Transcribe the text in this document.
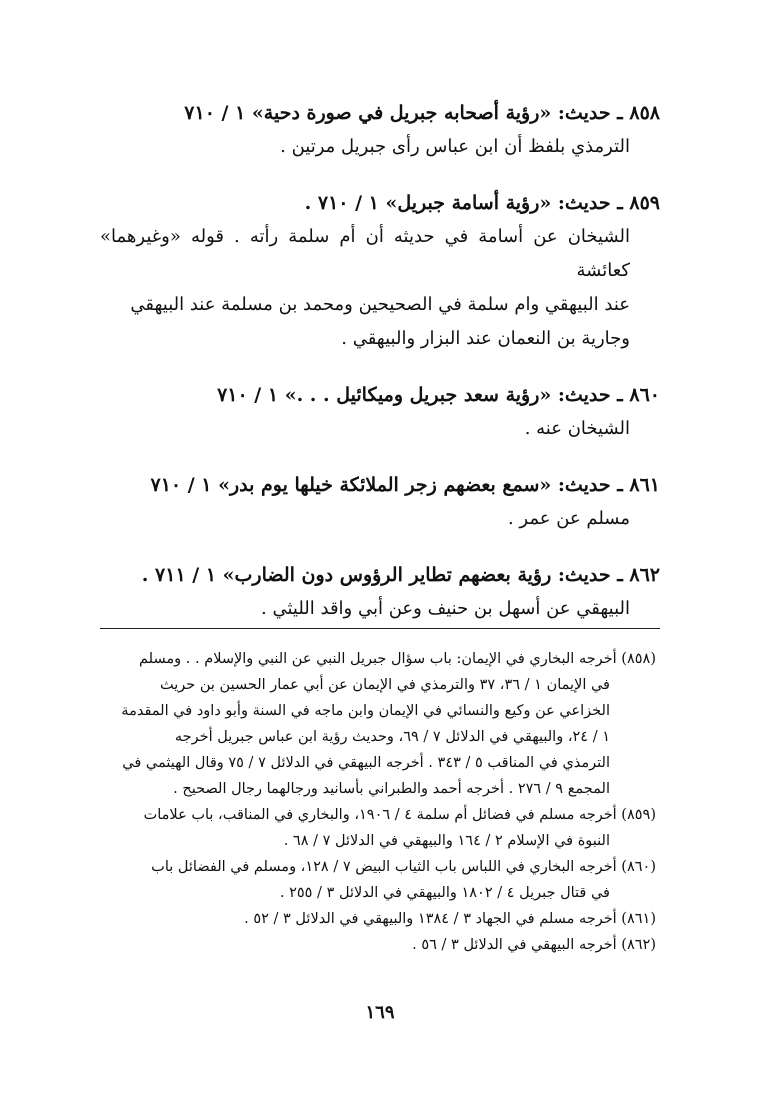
٨٥٨ ـ حديث: «رؤية أصحابه جبريل في صورة دحية» ١ / ٧١٠

الترمذي بلفظ أن ابن عباس رأى جبريل مرتين .

٨٥٩ ـ حديث: «رؤية أسامة جبريل» ١ / ٧١٠ .

الشيخان عن أسامة في حديثه أن أم سلمة رأته . قوله «وغيرهما» كعائشة

عند البيهقي وام سلمة في الصحيحين ومحمد بن مسلمة عند البيهقي

وجارية بن النعمان عند البزار والبيهقي .

٨٦٠ ـ حديث: «رؤية سعد جبريل وميكائيل . . .» ١ / ٧١٠

الشيخان عنه .

٨٦١ ـ حديث: «سمع بعضهم زجر الملائكة خيلها يوم بدر» ١ / ٧١٠

مسلم عن عمر .

٨٦٢ ـ حديث: رؤية بعضهم تطاير الرؤوس دون الضارب» ١ / ٧١١ .

البيهقي عن أسهل بن حنيف وعن أبي واقد الليثي .

(٨٥٨) أخرجه البخاري في الإيمان: باب سؤال جبريل النبي عن النبي والإسلام . . ومسلم
في الإيمان ١ / ٣٦، ٣٧ والترمذي في الإيمان عن أبي عمار الحسين بن حريث
الخزاعي عن وكيع والنسائي في الإيمان وابن ماجه في السنة وأبو داود في المقدمة
١ / ٢٤، والبيهقي في الدلائل ٧ / ٦٩، وحديث رؤية ابن عباس جبريل أخرجه
الترمذي في المناقب ٥ / ٣٤٣ . أخرجه البيهقي في الدلائل ٧ / ٧٥ وقال الهيثمي في
المجمع ٩ / ٢٧٦ . أخرجه أحمد والطبراني بأسانيد ورجالهما رجال الصحيح .
(٨٥٩) أخرجه مسلم في فضائل أم سلمة ٤ / ١٩٠٦، والبخاري في المناقب، باب علامات
النبوة في الإسلام ٢ / ١٦٤ والبيهقي في الدلائل ٧ / ٦٨ .
(٨٦٠) أخرجه البخاري في اللباس باب الثياب البيض ٧ / ١٢٨، ومسلم في الفضائل باب
في قتال جبريل ٤ / ١٨٠٢ والبيهقي في الدلائل ٣ / ٢٥٥ .
(٨٦١) أخرجه مسلم في الجهاد ٣ / ١٣٨٤ والبيهقي في الدلائل ٣ / ٥٢ .
(٨٦٢) أخرجه البيهقي في الدلائل ٣ / ٥٦ .
١٦٩
